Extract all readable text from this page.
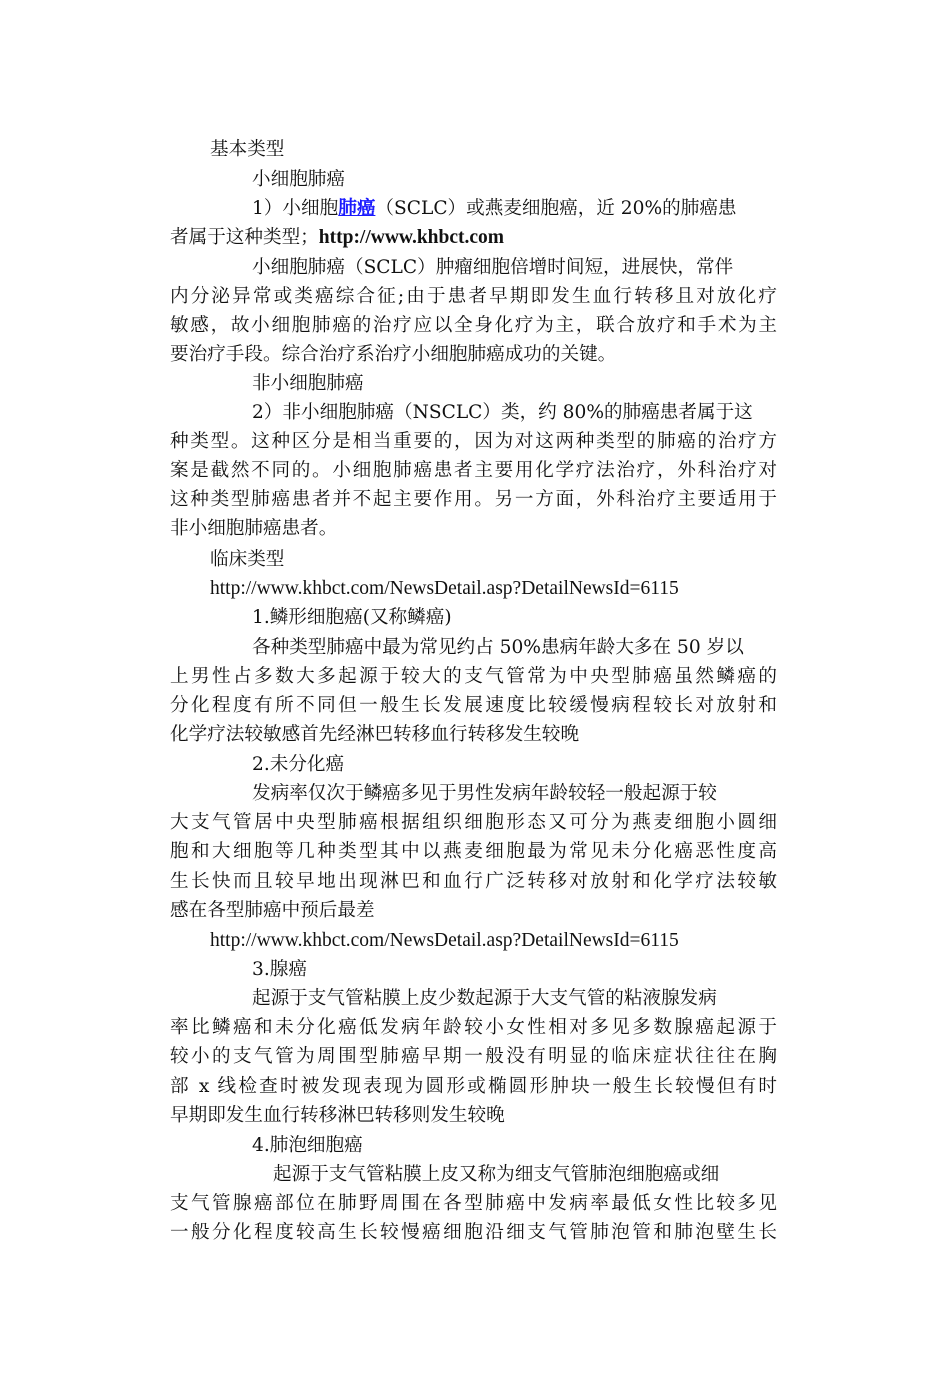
基本类型
小细胞肺癌
1）小细胞肺癌（SCLC）或燕麦细胞癌，近 20%的肺癌患
者属于这种类型；http://www.khbct.com
小细胞肺癌（SCLC）肿瘤细胞倍增时间短，进展快，常伴
内分泌异常或类癌综合征;由于患者早期即发生血行转移且对放化疗
敏感，故小细胞肺癌的治疗应以全身化疗为主，联合放疗和手术为主
要治疗手段。综合治疗系治疗小细胞肺癌成功的关键。
非小细胞肺癌
2）非小细胞肺癌（NSCLC）类，约 80%的肺癌患者属于这
种类型。这种区分是相当重要的，因为对这两种类型的肺癌的治疗方
案是截然不同的。小细胞肺癌患者主要用化学疗法治疗，外科治疗对
这种类型肺癌患者并不起主要作用。另一方面，外科治疗主要适用于
非小细胞肺癌患者。
临床类型
http://www.khbct.com/NewsDetail.asp?DetailNewsId=6115
1.鳞形细胞癌(又称鳞癌)
各种类型肺癌中最为常见约占 50%患病年龄大多在 50 岁以
上男性占多数大多起源于较大的支气管常为中央型肺癌虽然鳞癌的
分化程度有所不同但一般生长发展速度比较缓慢病程较长对放射和
化学疗法较敏感首先经淋巴转移血行转移发生较晚
2.未分化癌
发病率仅次于鳞癌多见于男性发病年龄较轻一般起源于较
大支气管居中央型肺癌根据组织细胞形态又可分为燕麦细胞小圆细
胞和大细胞等几种类型其中以燕麦细胞最为常见未分化癌恶性度高
生长快而且较早地出现淋巴和血行广泛转移对放射和化学疗法较敏
感在各型肺癌中预后最差
http://www.khbct.com/NewsDetail.asp?DetailNewsId=6115
3.腺癌
起源于支气管粘膜上皮少数起源于大支气管的粘液腺发病
率比鳞癌和未分化癌低发病年龄较小女性相对多见多数腺癌起源于
较小的支气管为周围型肺癌早期一般没有明显的临床症状往往在胸
部 x 线检查时被发现表现为圆形或椭圆形肿块一般生长较慢但有时
早期即发生血行转移淋巴转移则发生较晚
4.肺泡细胞癌
起源于支气管粘膜上皮又称为细支气管肺泡细胞癌或细
支气管腺癌部位在肺野周围在各型肺癌中发病率最低女性比较多见
一般分化程度较高生长较慢癌细胞沿细支气管肺泡管和肺泡壁生长
